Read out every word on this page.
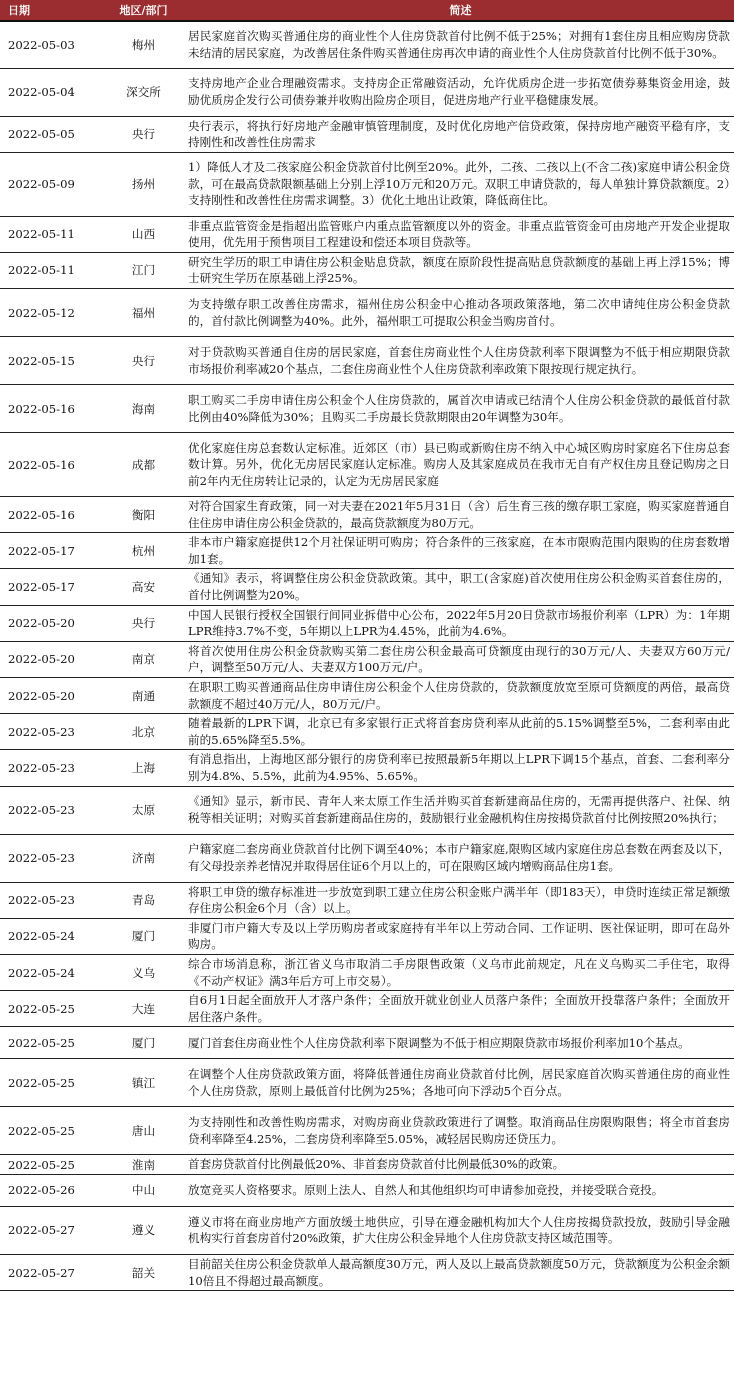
日期	地区/部门	简述
2022-05-03	梅州	居民家庭首次购买普通住房的商业性个人住房贷款首付比例不低于25%；对拥有1套住房且相应购房贷款未结清的居民家庭，为改善居住条件购买普通住房再次申请的商业性个人住房贷款首付比例不低于30%。
2022-05-04	深交所	支持房地产企业合理融资需求。支持房企正常融资活动，允许优质房企进一步拓宽债券募集资金用途，鼓励优质房企发行公司债券兼并收购出险房企项目，促进房地产行业平稳健康发展。
2022-05-05	央行	央行表示，将执行好房地产金融审慎管理制度，及时优化房地产信贷政策，保持房地产融资平稳有序，支持刚性和改善性住房需求
2022-05-09	扬州	1）降低人才及二孩家庭公积金贷款首付比例至20%。此外，二孩、二孩以上(不含二孩)家庭申请公积金贷款，可在最高贷款限额基础上分别上浮10万元和20万元。双职工申请贷款的，每人单独计算贷款额度。2）支持刚性和改善性住房需求调整。3）优化土地出让政策，降低商住比。
2022-05-11	山西	非重点监管资金是指超出监管账户内重点监管额度以外的资金。非重点监管资金可由房地产开发企业提取使用，优先用于预售项目工程建设和偿还本项目贷款等。
2022-05-11	江门	研究生学历的职工申请住房公积金贴息贷款，额度在原阶段性提高贴息贷款额度的基础上再上浮15%；博士研究生学历在原基础上浮25%。
2022-05-12	福州	为支持缴存职工改善住房需求，福州住房公积金中心推动各项政策落地，第二次申请纯住房公积金贷款的，首付款比例调整为40%。此外，福州职工可提取公积金当购房首付。
2022-05-15	央行	对于贷款购买普通自住房的居民家庭，首套住房商业性个人住房贷款利率下限调整为不低于相应期限贷款市场报价利率减20个基点，二套住房商业性个人住房贷款利率政策下限按现行规定执行。
2022-05-16	海南	职工购买二手房申请住房公积金个人住房贷款的，属首次申请或已结清个人住房公积金贷款的最低首付款比例由40%降低为30%；且购买二手房最长贷款期限由20年调整为30年。
2022-05-16	成都	优化家庭住房总套数认定标准。近郊区（市）县已购或新购住房不纳入中心城区购房时家庭名下住房总套数计算。另外，优化无房居民家庭认定标准。购房人及其家庭成员在我市无自有产权住房且登记购房之日前2年内无住房转让记录的，认定为无房居民家庭
2022-05-16	衡阳	对符合国家生育政策，同一对夫妻在2021年5月31日（含）后生育三孩的缴存职工家庭，购买家庭普通自住住房申请住房公积金贷款的，最高贷款额度为80万元。
2022-05-17	杭州	非本市户籍家庭提供12个月社保证明可购房；符合条件的三孩家庭，在本市限购范围内限购的住房套数增加1套。
2022-05-17	高安	《通知》表示，将调整住房公积金贷款政策。其中，职工(含家庭)首次使用住房公积金购买首套住房的，首付比例调整为20%。
2022-05-20	央行	中国人民银行授权全国银行间同业拆借中心公布，2022年5月20日贷款市场报价利率（LPR）为：1年期LPR维持3.7%不变，5年期以上LPR为4.45%，此前为4.6%。
2022-05-20	南京	将首次使用住房公积金贷款购买第二套住房公积金最高可贷额度由现行的30万元/人、夫妻双方60万元/户，调整至50万元/人、夫妻双方100万元/户。
2022-05-20	南通	在职职工购买普通商品住房申请住房公积金个人住房贷款的，贷款额度放宽至原可贷额度的两倍，最高贷款额度不超过40万元/人，80万元/户。
2022-05-23	北京	随着最新的LPR下调，北京已有多家银行正式将首套房贷利率从此前的5.15%调整至5%，二套利率由此前的5.65%降至5.5%。
2022-05-23	上海	有消息指出，上海地区部分银行的房贷利率已按照最新5年期以上LPR下调15个基点，首套、二套利率分别为4.8%、5.5%，此前为4.95%、5.65%。
2022-05-23	太原	《通知》显示，新市民、青年人来太原工作生活并购买首套新建商品住房的，无需再提供落户、社保、纳税等相关证明；对购买首套新建商品住房的，鼓励银行业金融机构住房按揭贷款首付比例按照20%执行；
2022-05-23	济南	户籍家庭二套房商业贷款首付比例下调至40%；本市户籍家庭,限购区域内家庭住房总套数在两套及以下，有父母投亲养老情况并取得居住证6个月以上的，可在限购区域内增购商品住房1套。
2022-05-23	青岛	将职工申贷的缴存标准进一步放宽到职工建立住房公积金账户满半年（即183天），申贷时连续正常足额缴存住房公积金6个月（含）以上。
2022-05-24	厦门	非厦门市户籍大专及以上学历购房者或家庭持有半年以上劳动合同、工作证明、医社保证明，即可在岛外购房。
2022-05-24	义乌	综合市场消息称，浙江省义乌市取消二手房限售政策（义乌市此前规定，凡在义乌购买二手住宅，取得《不动产权证》满3年后方可上市交易）。
2022-05-25	大连	自6月1日起全面放开人才落户条件；全面放开就业创业人员落户条件；全面放开投靠落户条件；全面放开居住落户条件。
2022-05-25	厦门	厦门首套住房商业性个人住房贷款利率下限调整为不低于相应期限贷款市场报价利率加10个基点。
2022-05-25	镇江	在调整个人住房贷款政策方面，将降低普通住房商业贷款首付比例，居民家庭首次购买普通住房的商业性个人住房贷款，原则上最低首付比例为25%；各地可向下浮动5个百分点。
2022-05-25	唐山	为支持刚性和改善性购房需求，对购房商业贷款政策进行了调整。取消商品住房限购限售；将全市首套房贷利率降至4.25%，二套房贷利率降至5.05%，减轻居民购房还贷压力。
2022-05-25	淮南	首套房贷款首付比例最低20%、非首套房贷款首付比例最低30%的政策。
2022-05-26	中山	放宽竞买人资格要求。原则上法人、自然人和其他组织均可申请参加竞投，并接受联合竞投。
2022-05-27	遵义	遵义市将在商业房地产方面放缓土地供应，引导在遵金融机构加大个人住房按揭贷款投放，鼓励引导金融机构实行首套房首付20%政策，扩大住房公积金异地个人住房贷款支持区域范围等。
2022-05-27	韶关	目前韶关住房公积金贷款单人最高额度30万元，两人及以上最高贷款额度50万元，贷款额度为公积金余额10倍且不得超过最高额度。
